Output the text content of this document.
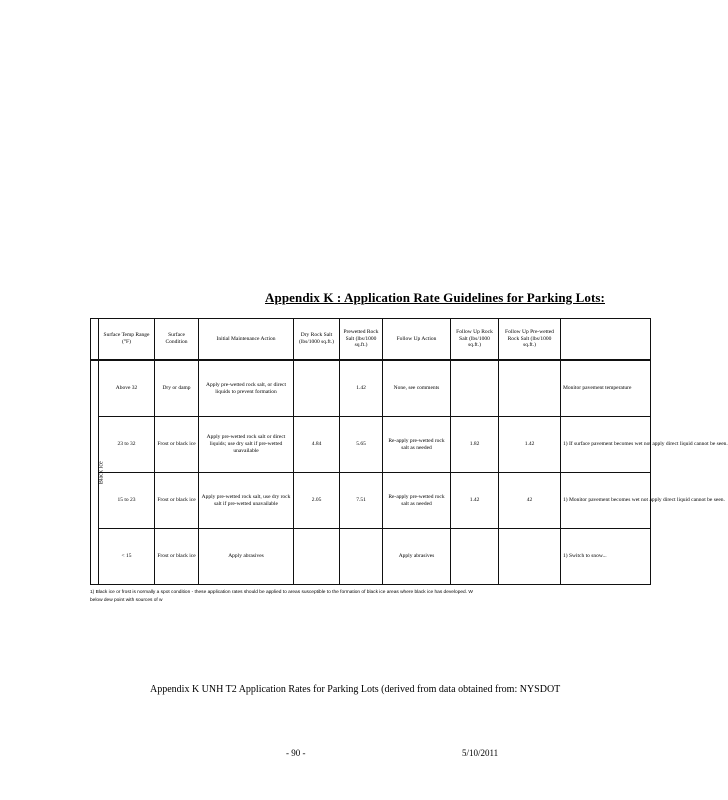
Appendix K : Application Rate Guidelines for Parking Lots:
	Surface Temp Range (°F)	Surface Condition	Initial Maintenance Action	Dry Rock Salt (lbs/1000 sq.ft.)	Prewetted Rock Salt (lbs/1000 sq.ft.)	Follow Up Action	Follow Up Rock Salt (lbs/1000 sq.ft.)	Follow Up Pre-wetted Rock Salt (lbs/1000 sq.ft.)	
Black Ice	Above 32	Dry or damp	Apply pre-wetted rock salt, or direct liquids to prevent formation		1.42	None, see comments			Monitor pavement temperature
	23 to 32	Frost or black ice	Apply pre-wetted rock salt or direct liquids; use dry salt if pre-wetted unavailable	4.84	5.65	Re-apply pre-wetted rock salt as needed	1.82	1.42	1) If surface pavement becomes wet not apply direct liquid cannot be seen.
	15 to 23	Frost or black ice	Apply pre-wetted rock salt, use dry rock salt if pre-wetted unavailable	2.05	7.51	Re-apply pre-wetted rock salt as needed	1.42	42	1) Monitor pavement becomes wet not apply direct liquid cannot be seen.
	< 15	Frost or black ice	Apply abrasives			Apply abrasives			1) Switch to snow...
1) Black ice or frost is normally a spot condition - these application rates should be applied to areas susceptible to the formation of black ice areas where black ice has developed. W
below dew point with sources of w
Appendix K UNH T2 Application Rates for Parking Lots (derived from data obtained from: NYSDOT
- 90 -	5/10/2011
